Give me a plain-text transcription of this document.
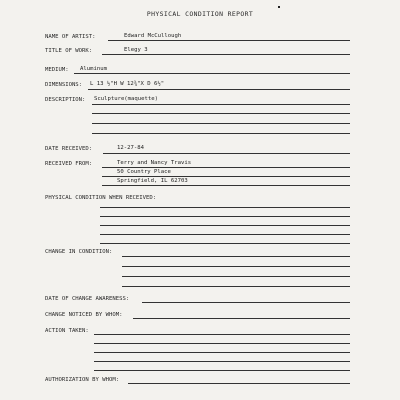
PHYSICAL CONDITION REPORT
NAME OF ARTIST:	Edward McCullough
TITLE OF WORK:	Elegy 3
MEDIUM: Aluminum
DIMENSIONS: L 13 ½"H W 12¾"X D 6½"
DESCRIPTION: Sculpture(maquette)
DATE RECEIVED:	12-27-84
RECEIVED FROM:	Terry and Nancy Travis
50 Country Place
Springfield, IL 62703
PHYSICAL CONDITION WHEN RECEIVED:
CHANGE IN CONDITION:
DATE OF CHANGE AWARENESS:
CHANGE NOTICED BY WHOM:
ACTION TAKEN:
AUTHORIZATION BY WHOM:
